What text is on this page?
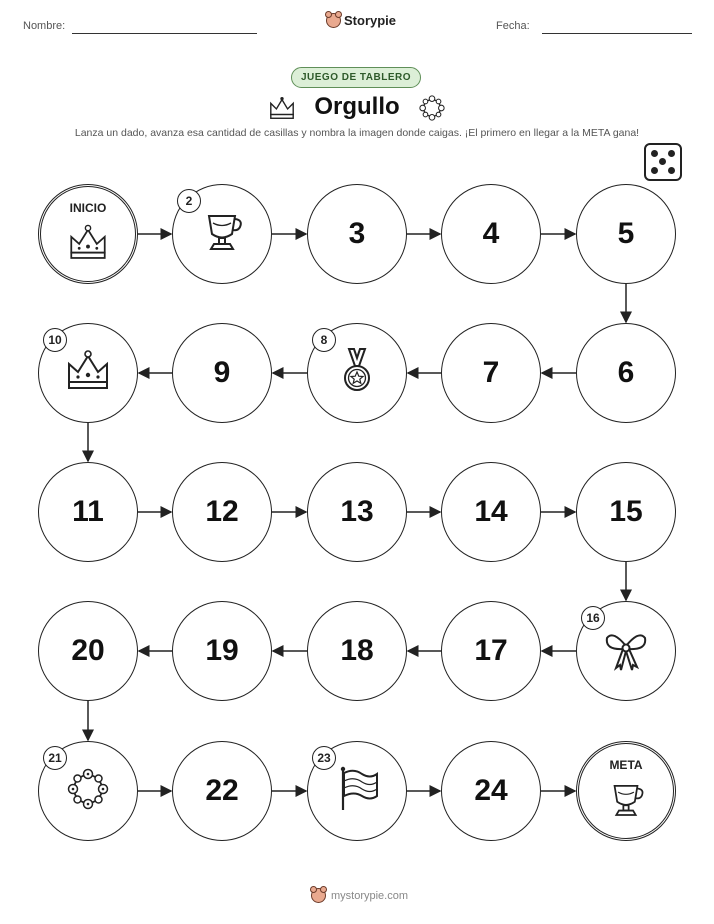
Nombre:	Storypie	Fecha:
JUEGO DE TABLERO
Orgullo
Lanza un dado, avanza esa cantidad de casillas y nombra la imagen donde caigas. ¡El primero en llegar a la META gana!
INICIO	2
3	4	5
6
7
8
9
10
11	12	13	14	15
16
17
18
19
20
21
22
23
24
META
mystorypie.com
